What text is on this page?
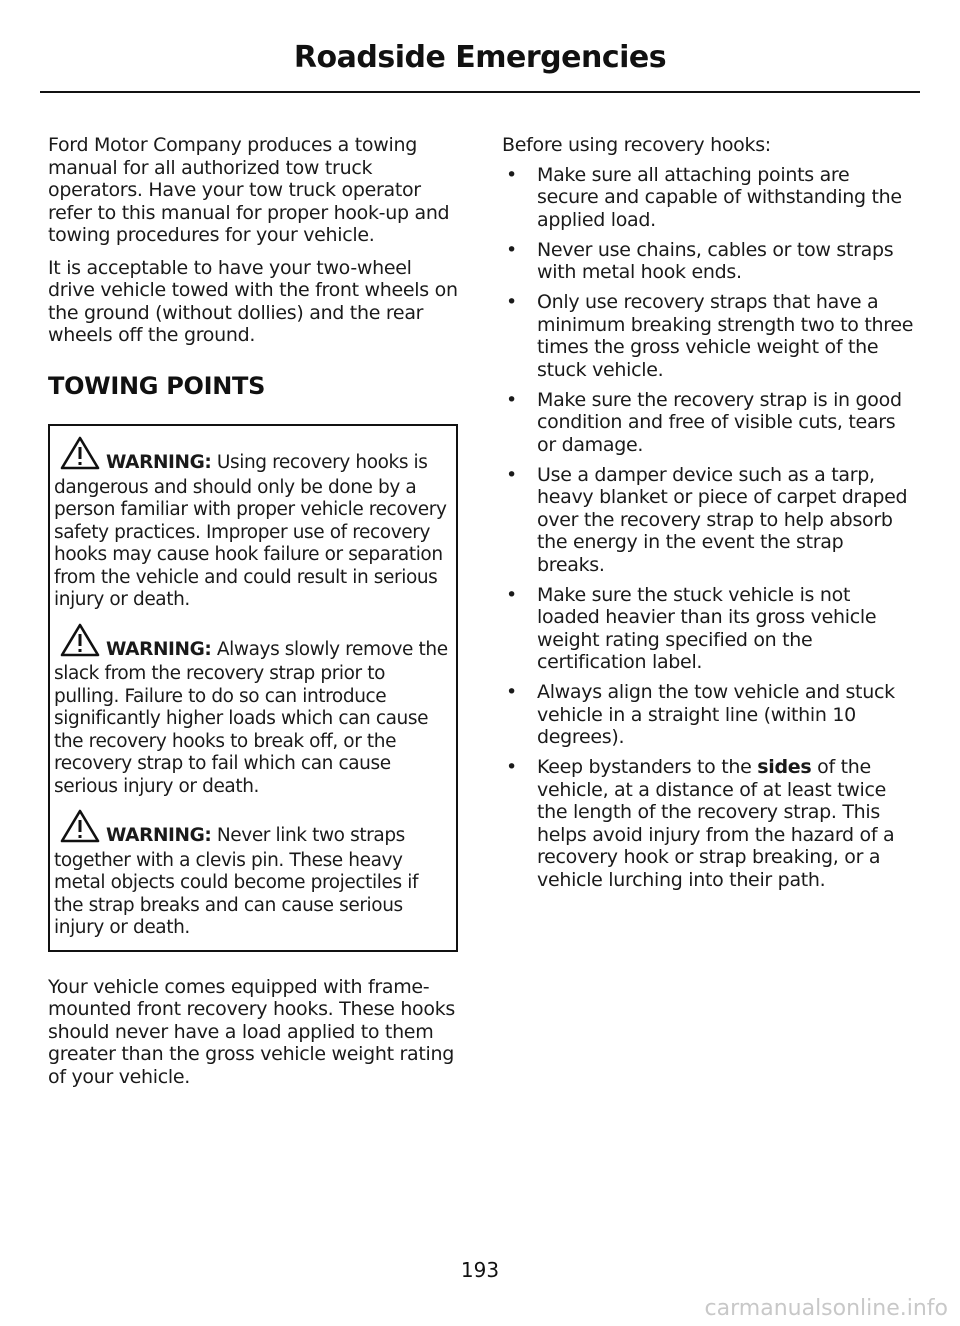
Roadside Emergencies

Ford Motor Company produces a towing manual for all authorized tow truck operators. Have your tow truck operator refer to this manual for proper hook-up and towing procedures for your vehicle.

It is acceptable to have your two-wheel drive vehicle towed with the front wheels on the ground (without dollies) and the rear wheels off the ground.

TOWING POINTS

WARNING: Using recovery hooks is dangerous and should only be done by a person familiar with proper vehicle recovery safety practices. Improper use of recovery hooks may cause hook failure or separation from the vehicle and could result in serious injury or death.

WARNING: Always slowly remove the slack from the recovery strap prior to pulling. Failure to do so can introduce significantly higher loads which can cause the recovery hooks to break off, or the recovery strap to fail which can cause serious injury or death.

WARNING: Never link two straps together with a clevis pin. These heavy metal objects could become projectiles if the strap breaks and can cause serious injury or death.

Your vehicle comes equipped with frame-mounted front recovery hooks. These hooks should never have a load applied to them greater than the gross vehicle weight rating of your vehicle.

Before using recovery hooks:

• Make sure all attaching points are secure and capable of withstanding the applied load.
• Never use chains, cables or tow straps with metal hook ends.
• Only use recovery straps that have a minimum breaking strength two to three times the gross vehicle weight of the stuck vehicle.
• Make sure the recovery strap is in good condition and free of visible cuts, tears or damage.
• Use a damper device such as a tarp, heavy blanket or piece of carpet draped over the recovery strap to help absorb the energy in the event the strap breaks.
• Make sure the stuck vehicle is not loaded heavier than its gross vehicle weight rating specified on the certification label.
• Always align the tow vehicle and stuck vehicle in a straight line (within 10 degrees).
• Keep bystanders to the sides of the vehicle, at a distance of at least twice the length of the recovery strap. This helps avoid injury from the hazard of a recovery hook or strap breaking, or a vehicle lurching into their path.
193
carmanualsonline.info
